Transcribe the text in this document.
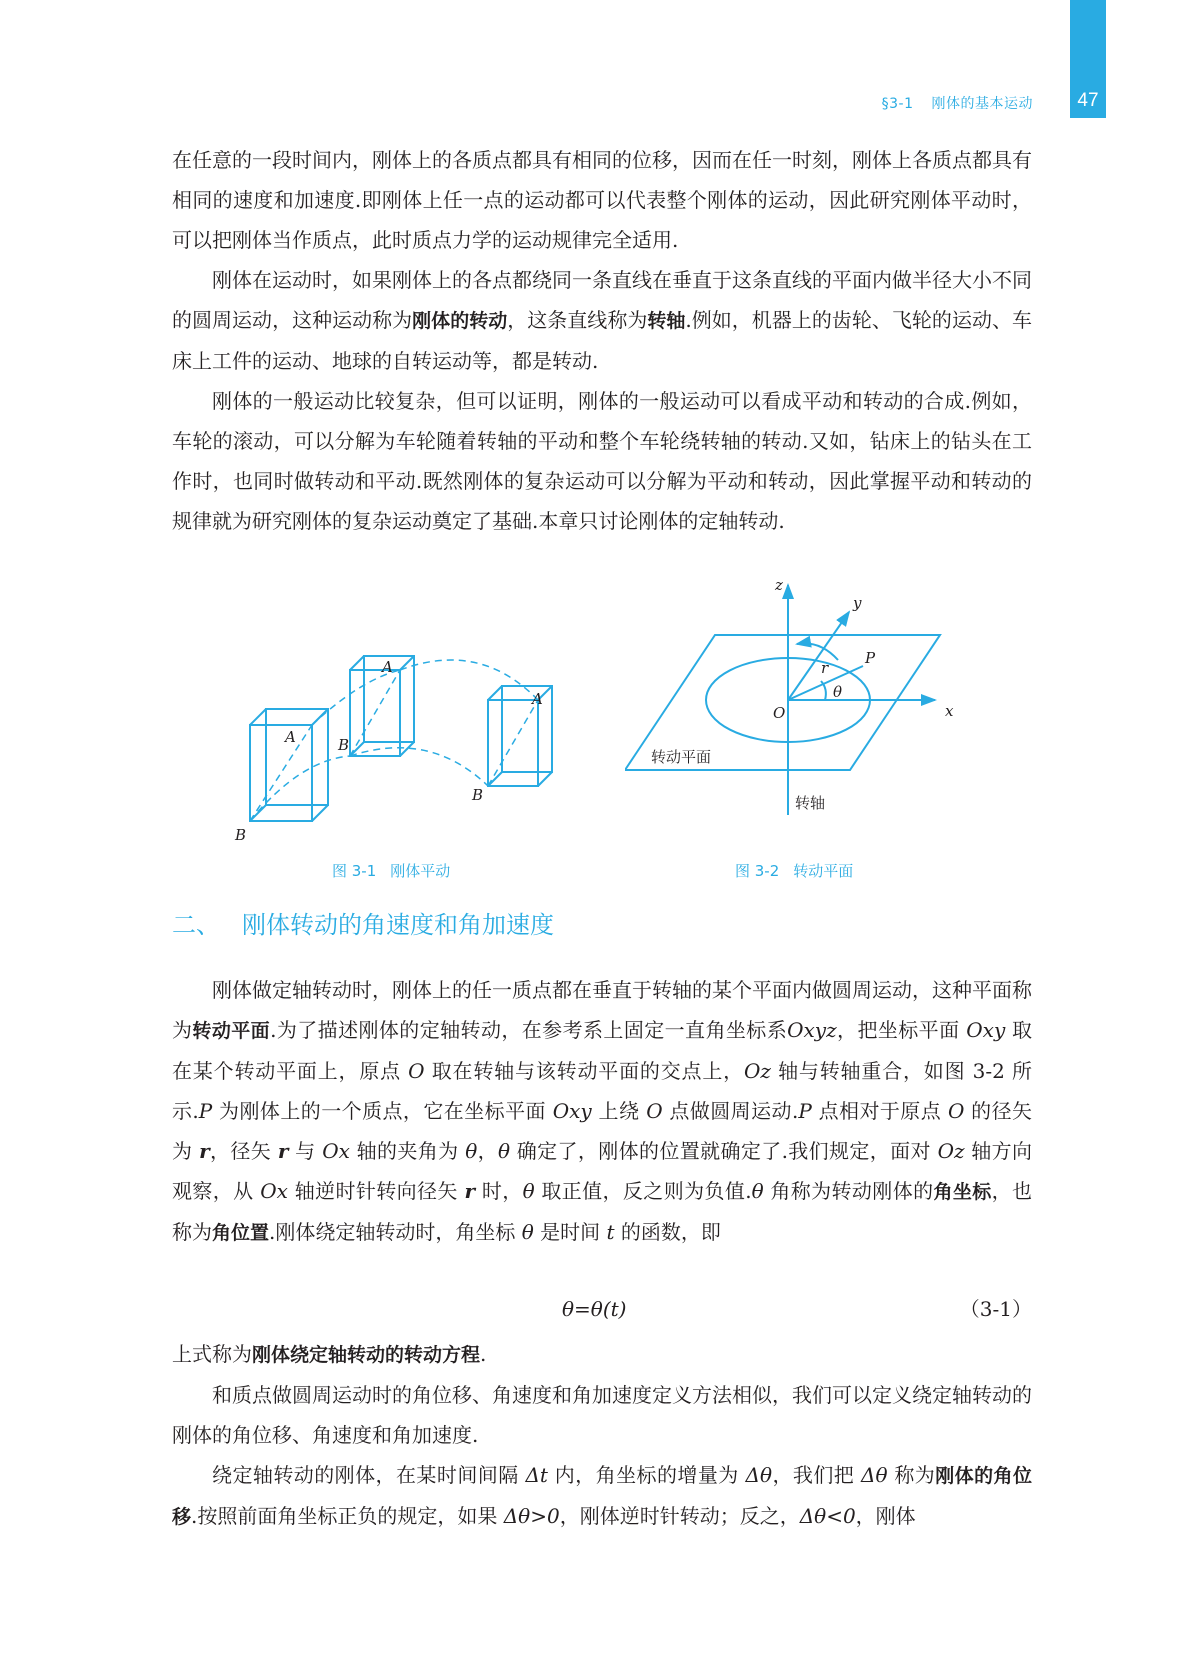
47
§3-1 刚体的基本运动

在任意的一段时间内，刚体上的各质点都具有相同的位移，因而在任一时刻，刚体上各质点都具有相同的速度和加速度.即刚体上任一点的运动都可以代表整个刚体的运动，因此研究刚体平动时，可以把刚体当作质点，此时质点力学的运动规律完全适用.

刚体在运动时，如果刚体上的各点都绕同一条直线在垂直于这条直线的平面内做半径大小不同的圆周运动，这种运动称为刚体的转动，这条直线称为转轴.例如，机器上的齿轮、飞轮的运动、车床上工件的运动、地球的自转运动等，都是转动.

刚体的一般运动比较复杂，但可以证明，刚体的一般运动可以看成平动和转动的合成.例如，车轮的滚动，可以分解为车轮随着转轴的平动和整个车轮绕转轴的转动.又如，钻床上的钻头在工作时，也同时做转动和平动.既然刚体的复杂运动可以分解为平动和转动，因此掌握平动和转动的规律就为研究刚体的复杂运动奠定了基础.本章只讨论刚体的定轴转动.

B
A	B
A
B
A
O	x
y
z
P
r
θ
转动平面
转轴
图 3-1 刚体平动	图 3-2 转动平面
二、 刚体转动的角速度和角加速度

刚体做定轴转动时，刚体上的任一质点都在垂直于转轴的某个平面内做圆周运动，这种平面称为转动平面.为了描述刚体的定轴转动，在参考系上固定一直角坐标系Oxyz，把坐标平面 Oxy 取在某个转动平面上，原点 O 取在转轴与该转动平面的交点上，Oz 轴与转轴重合，如图 3-2 所示.P 为刚体上的一个质点，它在坐标平面 Oxy 上绕 O 点做圆周运动.P 点相对于原点 O 的径矢为 r，径矢 r 与 Ox 轴的夹角为 θ，θ 确定了，刚体的位置就确定了.我们规定，面对 Oz 轴方向观察，从 Ox 轴逆时针转向径矢 r 时，θ 取正值，反之则为负值.θ 角称为转动刚体的角坐标，也称为角位置.刚体绕定轴转动时，角坐标 θ 是时间 t 的函数，即

θ=θ(t)	（3-1）

上式称为刚体绕定轴转动的转动方程.

和质点做圆周运动时的角位移、角速度和角加速度定义方法相似，我们可以定义绕定轴转动的刚体的角位移、角速度和角加速度.

绕定轴转动的刚体，在某时间间隔 Δt 内，角坐标的增量为 Δθ，我们把 Δθ 称为刚体的角位移.按照前面角坐标正负的规定，如果 Δθ>0，刚体逆时针转动；反之，Δθ<0，刚体
